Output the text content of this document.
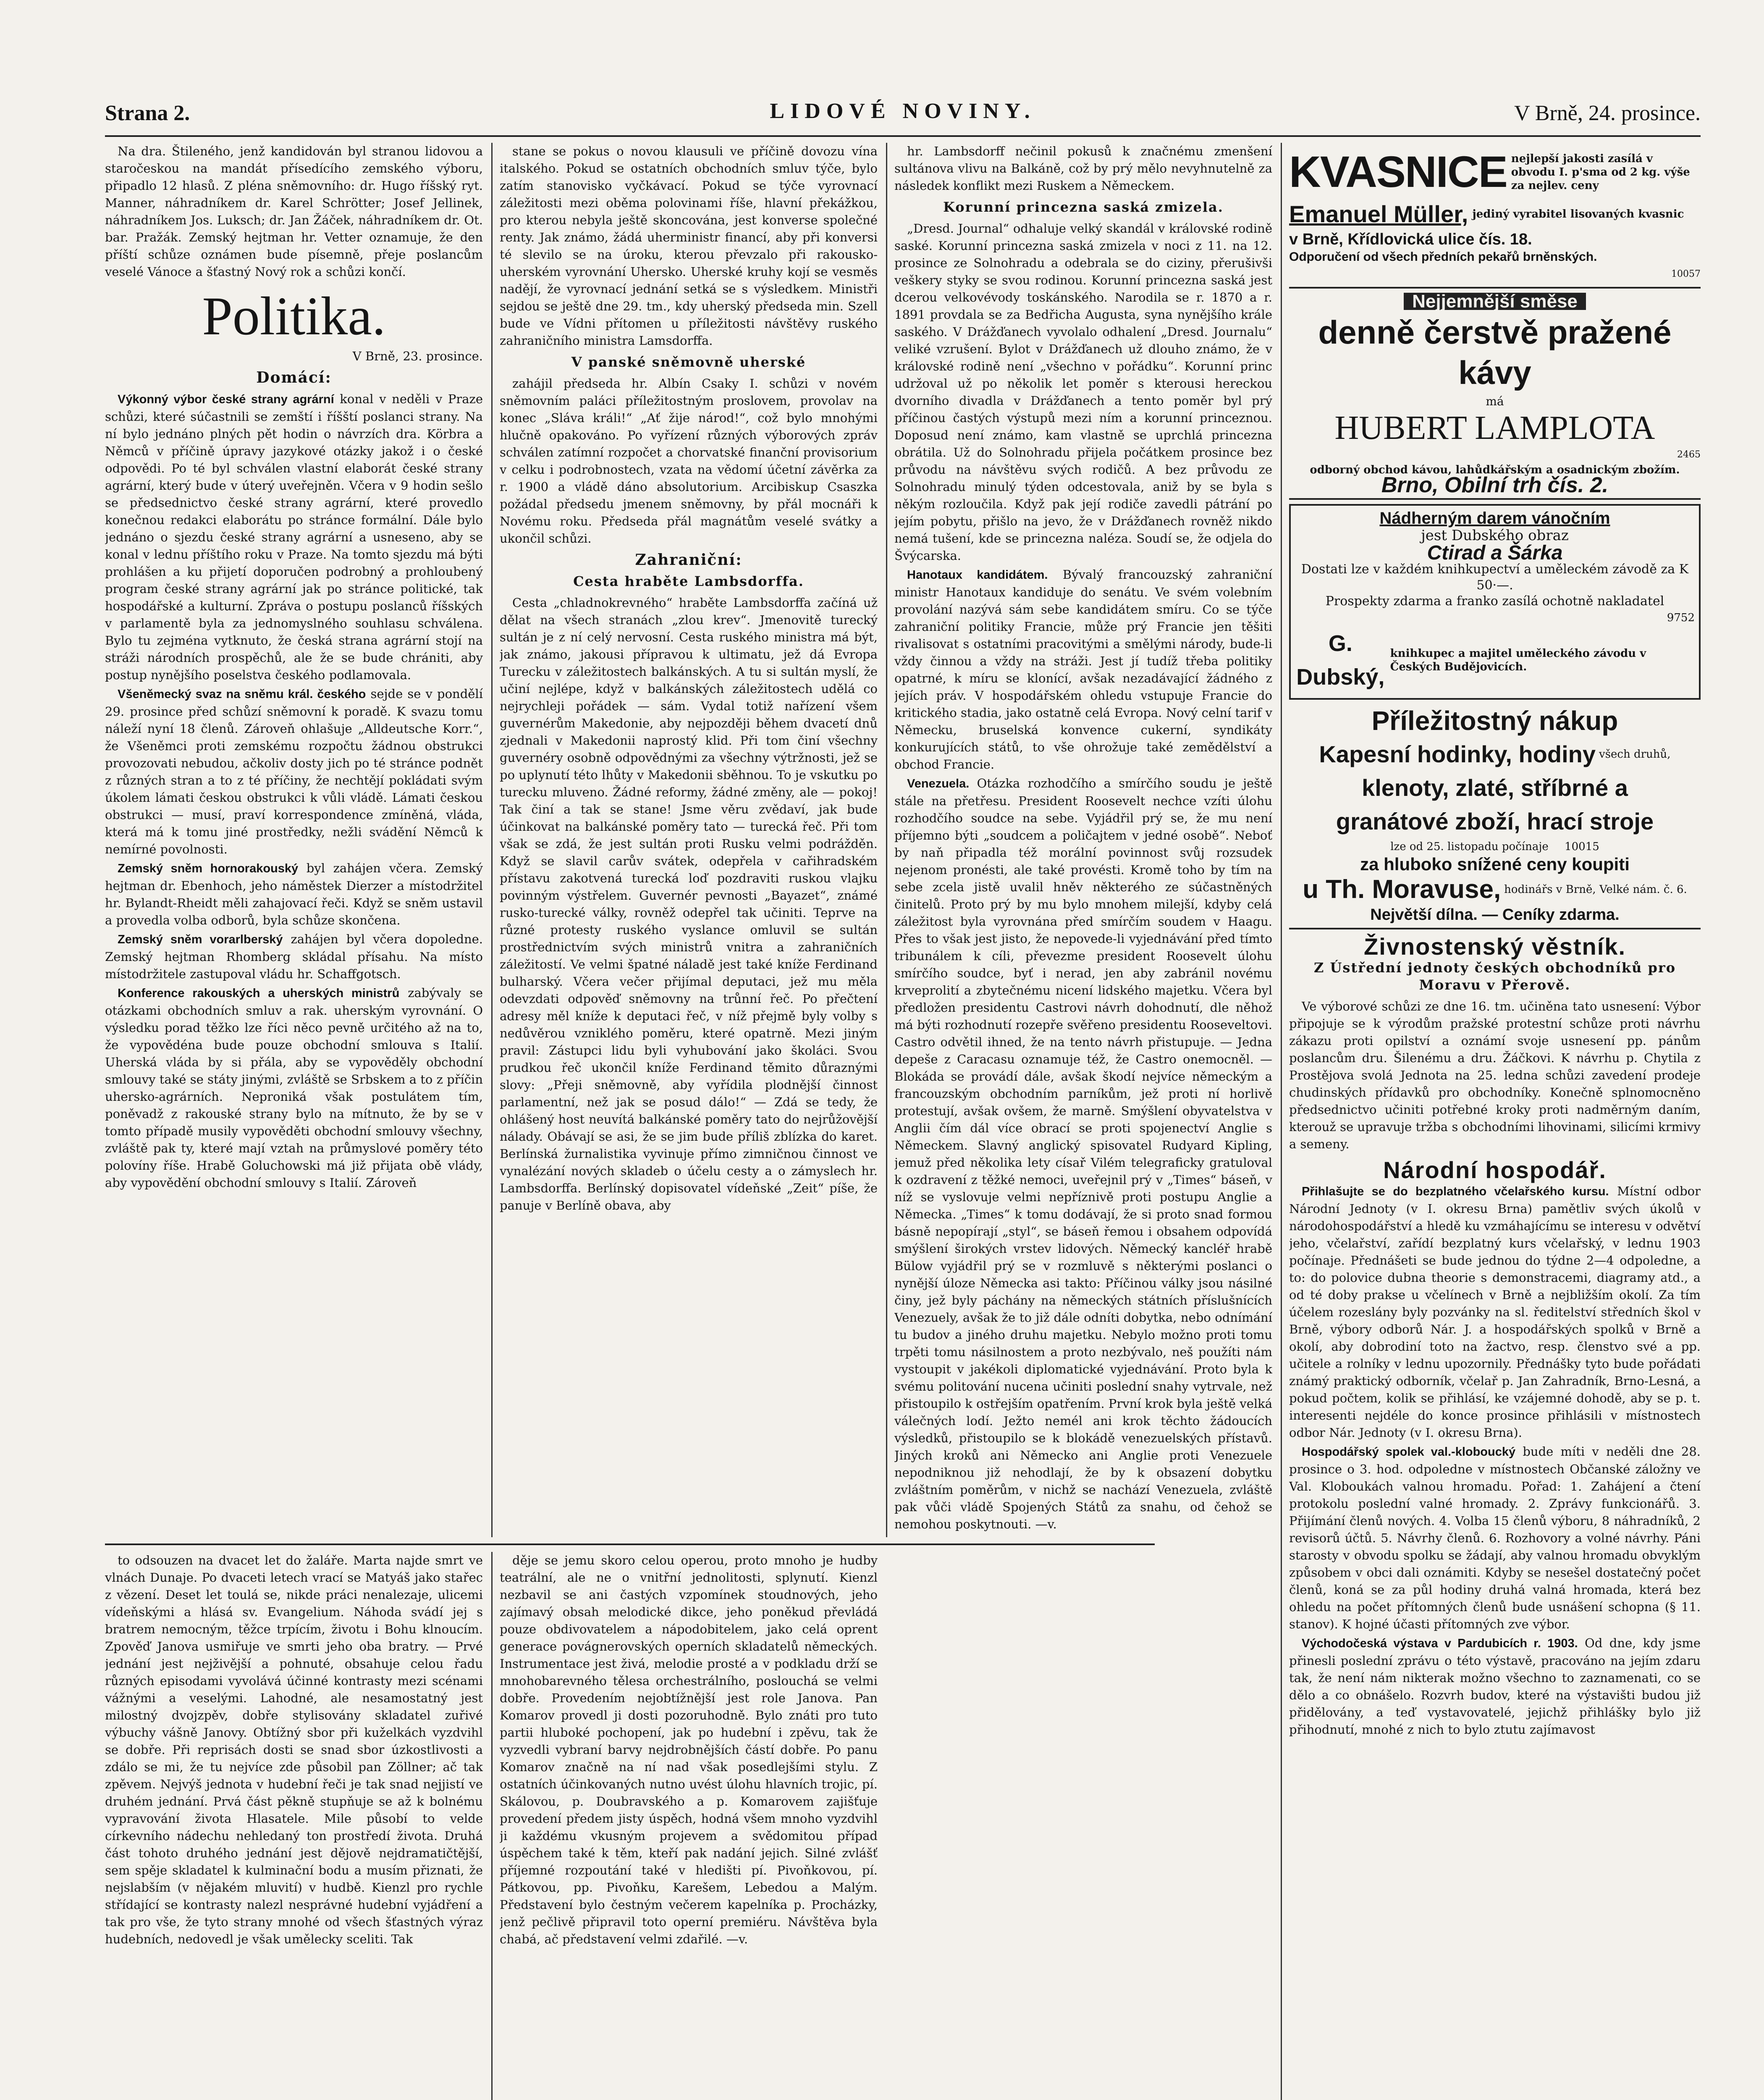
Strana 2.	LIDOVÉ NOVINY.	V Brně, 24. prosince.

Na dra. Štileného, jenž kandidován byl stranou lidovou a staročeskou na mandát přísedícího zemského výboru, připadlo 12 hlasů. Z pléna sněmovního: dr. Hugo říšský ryt. Manner, náhradníkem dr. Karel Schrötter; Josef Jellinek, náhradníkem Jos. Luksch; dr. Jan Žáček, náhradníkem dr. Ot. bar. Pražák. Zemský hejtman hr. Vetter oznamuje, že den příští schůze oznámen bude písemně, přeje poslancům veselé Vánoce a šťastný Nový rok a schůzi končí.

Politika.
V Brně, 23. prosince.
Domácí:

Výkonný výbor české strany agrární konal v neděli v Praze schůzi, které súčastnili se zemští i říšští poslanci strany. Na ní bylo jednáno plných pět hodin o návrzích dra. Körbra a Němců v příčině úpravy jazykové otázky jakož i o české odpovědi. Po té byl schválen vlastní elaborát české strany agrární, který bude v úterý uveřejněn. Včera v 9 hodin sešlo se předsednictvo české strany agrární, které provedlo konečnou redakci elaborátu po stránce formální. Dále bylo jednáno o sjezdu české strany agrární a usneseno, aby se konal v lednu příštího roku v Praze. Na tomto sjezdu má býti prohlášen a ku přijetí doporučen podrobný a prohloubený program české strany agrární jak po stránce politické, tak hospodářské a kulturní. Zpráva o postupu poslanců říšských v parlamentě byla za jednomyslného souhlasu schválena. Bylo tu zejména vytknuto, že česká strana agrární stojí na stráži národních prospěchů, ale že se bude chrániti, aby postup nynějšího poselstva českého podlamovala.

Všeněmecký svaz na sněmu král. českého sejde se v pondělí 29. prosince před schůzí sněmovní k poradě. K svazu tomu náleží nyní 18 členů. Zároveň ohlašuje „Alldeutsche Korr.“, že Všeněmci proti zemskému rozpočtu žádnou obstrukci provozovati nebudou, ačkoliv dosty jich po té stránce podnět z různých stran a to z té příčiny, že nechtějí pokládati svým úkolem lámati českou obstrukci k vůli vládě. Lámati českou obstrukci — musí, praví korrespondence zmíněná, vláda, která má k tomu jiné prostředky, nežli svádění Němců k nemírné povolnosti.

Zemský sněm hornorakouský byl zahájen včera. Zemský hejtman dr. Ebenhoch, jeho náměstek Dierzer a místodržitel hr. Bylandt-Rheidt měli zahajovací řeči. Když se sněm ustavil a provedla volba odborů, byla schůze skončena.

Zemský sněm vorarlberský zahájen byl včera dopoledne. Zemský hejtman Rhomberg skládal přísahu. Na místo místodržitele zastupoval vládu hr. Schaffgotsch.

Konference rakouských a uherských ministrů zabývaly se otázkami obchodních smluv a rak. uherským vyrovnání. O výsledku porad těžko lze říci něco pevně určitého až na to, že vypovědéna bude pouze obchodní smlouva s Italií. Uherská vláda by si přála, aby se vypověděly obchodní smlouvy také se státy jinými, zvláště se Srbskem a to z příčin uhersko-agrárních. Neproniká však postulátem tím, poněvadž z rakouské strany bylo na mítnuto, že by se v tomto případě musily vypověděti obchodní smlouvy všechny, zvláště pak ty, které mají vztah na průmyslové poměry této polovíny říše. Hrabě Goluchowski má již přijata obě vlády, aby vypovědění obchodní smlouvy s Italií. Zároveň

stane se pokus o novou klausuli ve příčině dovozu vína italského. Pokud se ostatních obchodních smluv týče, bylo zatím stanovisko vyčkávací. Pokud se týče vyrovnací záležitosti mezi oběma polovinami říše, hlavní překážkou, pro kterou nebyla ještě skoncována, jest konverse společné renty. Jak známo, žádá uherministr financí, aby při konversi té slevilo se na úroku, kterou převzalo při rakousko-uherském vyrovnání Uhersko. Uherské kruhy kojí se vesměs nadějí, že vyrovnací jednání setká se s výsledkem. Ministři sejdou se ještě dne 29. tm., kdy uherský předseda min. Szell bude ve Vídni přítomen u příležitosti návštěvy ruského zahraničního ministra Lamsdorffa.

V panské sněmovně uherské

zahájil předseda hr. Albín Csaky I. schůzi v novém sněmovním paláci příležitostným proslovem, provolav na konec „Sláva králi!“ „Ať žije národ!“, což bylo mnohými hlučně opakováno. Po vyřízení různých výborových zpráv schválen zatímní rozpočet a chorvatské finanční provisorium v celku i podrobnostech, vzata na vědomí účetní závěrka za r. 1900 a vládě dáno absolutorium. Arcibiskup Csaszka požádal předsedu jmenem sněmovny, by přál mocnáři k Novému roku. Předseda přál magnátům veselé svátky a ukončil schůzi.

Zahraniční:
Cesta hraběte Lambsdorffa.

Cesta „chladnokrevného“ hraběte Lambsdorffa začíná už dělat na všech stranách „zlou krev“. Jmenovitě turecký sultán je z ní celý nervosní. Cesta ruského ministra má být, jak známo, jakousi přípravou k ultimatu, jež dá Evropa Turecku v záležitostech balkánských. A tu si sultán myslí, že učiní nejlépe, když v balkánských záležitostech udělá co nejrychleji pořádek — sám. Vydal totiž nařízení všem guvernérům Makedonie, aby nejpozději během dvacetí dnů zjednali v Makedonii naprostý klid. Při tom činí všechny guvernéry osobně odpovědnými za všechny výtržnosti, jež se po uplynutí této lhůty v Makedonii sběhnou. To je vskutku po turecku mluveno. Žádné reformy, žádné změny, ale — pokoj! Tak činí a tak se stane! Jsme věru zvědaví, jak bude účinkovat na balkánské poměry tato — turecká řeč. Při tom však se zdá, že jest sultán proti Rusku velmi podrážděn. Když se slavil carův svátek, odepřela v cařihradském přístavu zakotvená turecká loď pozdraviti ruskou vlajku povinným výstřelem. Guvernér pevnosti „Bayazet“, známé rusko-turecké války, rovněž odepřel tak učiniti. Teprve na různé protesty ruského vyslance omluvil se sultán prostřednictvím svých ministrů vnitra a zahraničních záležitostí. Ve velmi špatné náladě jest také kníže Ferdinand bulharský. Včera večer přijímal deputaci, jež mu měla odevzdati odpověď sněmovny na trůnní řeč. Po přečtení adresy měl kníže k deputaci řeč, v níž přejmě byly volby s nedůvěrou vzniklého poměru, které opatrně. Mezi jiným pravil: Zástupci lidu byli vyhubování jako školáci. Svou prudkou řeč ukončil kníže Ferdinand těmito důraznými slovy: „Přeji sněmovně, aby vyřídila plodnější činnost parlamentní, než jak se posud dálo!“ — Zdá se tedy, že ohlášený host neuvítá balkánské poměry tato do nejrůžovější nálady. Obávají se asi, že se jim bude příliš zblízka do karet. Berlínská žurnalistika vyvinuje přímo zimničnou činnost ve vynalézání nových skladeb o účelu cesty a o zámyslech hr. Lambsdorffa. Berlínský dopisovatel vídeňské „Zeit“ píše, že panuje v Berlíně obava, aby

hr. Lambsdorff nečinil pokusů k značnému zmenšení sultánova vlivu na Balkáně, což by prý mělo nevyhnutelně za následek konflikt mezi Ruskem a Německem.

Korunní princezna saská zmizela.

„Dresd. Journal“ odhaluje velký skandál v královské rodině saské. Korunní princezna saská zmizela v noci z 11. na 12. prosince ze Solnohradu a odebrala se do ciziny, přerušivši veškery styky se svou rodinou. Korunní princezna saská jest dcerou velkovévody toskánského. Narodila se r. 1870 a r. 1891 provdala se za Bedřicha Augusta, syna nynějšího krále saského. V Drážďanech vyvolalo odhalení „Dresd. Journalu“ veliké vzrušení. Bylot v Drážďanech už dlouho známo, že v královské rodině není „všechno v pořádku“. Korunní princ udržoval už po několik let poměr s kterousi hereckou dvorního divadla v Drážďanech a tento poměr byl prý příčinou častých výstupů mezi ním a korunní princeznou. Doposud není známo, kam vlastně se uprchlá princezna obrátila. Už do Solnohradu přijela počátkem prosince bez průvodu na návštěvu svých rodičů. A bez průvodu ze Solnohradu minulý týden odcestovala, aniž by se byla s někým rozloučila. Když pak její rodiče zavedli pátrání po jejím pobytu, přišlo na jevo, že v Drážďanech rovněž nikdo nemá tušení, kde se princezna naléza. Soudí se, že odjela do Švýcarska.

Hanotaux kandidátem. Bývalý francouzský zahraniční ministr Hanotaux kandiduje do senátu. Ve svém volebním provolání nazývá sám sebe kandidátem smíru. Co se týče zahraniční politiky Francie, může prý Francie jen těšiti rivalisovat s ostatními pracovitými a smělými národy, bude-li vždy činnou a vždy na stráži. Jest jí tudíž třeba politiky opatrné, k míru se klonící, avšak nezadávající žádného z jejích práv. V hospodářském ohledu vstupuje Francie do kritického stadia, jako ostatně celá Evropa. Nový celní tarif v Německu, bruselská konvence cukerní, syndikáty konkurujících států, to vše ohrožuje také zemědělství a obchod Francie.

Venezuela. Otázka rozhodčího a smírčího soudu je ještě stále na přetřesu. President Roosevelt nechce vzíti úlohu rozhodčího soudce na sebe. Vyjádřil prý se, že mu není příjemno býti „soudcem a poličajtem v jedné osobě“. Neboť by naň připadla též morální povinnost svůj rozsudek nejenom pronésti, ale také provésti. Kromě toho by tím na sebe zcela jistě uvalil hněv některého ze súčastněných činitelů. Proto prý by mu bylo mnohem milejší, kdyby celá záležitost byla vyrovnána před smírčím soudem v Haagu. Přes to však jest jisto, že nepovede-li vyjednávání před tímto tribunálem k cíli, převezme president Roosevelt úlohu smírčího soudce, byť i nerad, jen aby zabránil novému krveprolití a zbytečnému nicení lidského majetku. Včera byl předložen presidentu Castrovi návrh dohodnutí, dle něhož má býti rozhodnutí rozepře svěřeno presidentu Rooseveltovi. Castro odvětil ihned, že na tento návrh přistupuje. — Jedna depeše z Caracasu oznamuje též, že Castro onemocněl. — Blokáda se provádí dále, avšak škodí nejvíce německým a francouzským obchodním parníkům, jež proti ní horlivě protestují, avšak ovšem, že marně. Smýšlení obyvatelstva v Anglii čím dál více obrací se proti spojenectví Anglie s Německem. Slavný anglický spisovatel Rudyard Kipling, jemuž před několika lety císař Vilém telegraficky gratuloval k ozdravení z těžké nemoci, uveřejnil prý v „Times“ báseň, v níž se vyslovuje velmi nepříznivě proti postupu Anglie a Německa. „Times“ k tomu dodávají, že si proto snad formou básně nepopírají „styl“, se báseň řemou i obsahem odpovídá smýšlení širokých vrstev lidových. Německý kancléř hrabě Bülow vyjádřil prý se v rozmluvě s některými poslanci o nynější úloze Německa asi takto: Příčinou války jsou násilné činy, jež byly páchány na německých státních příslušnících Venezuely, avšak že to již dále odníti dobytka, nebo odnímání tu budov a jiného druhu majetku. Nebylo možno proti tomu trpěti tomu násilnostem a proto nezbývalo, neš použíti nám vystoupit v jakékoli diplomatické vyjednávání. Proto byla k svému politování nucena učiniti poslední snahy vytrvale, než přistoupilo k ostřejším opatřením. První krok byla ještě velká válečných lodí. Ježto nemél ani krok těchto žádoucích výsledků, přistoupilo se k blokádě venezuelských přístavů. Jiných kroků ani Německo ani Anglie proti Venezuele nepodniknou již nehodlají, že by k obsazení dobytku zvláštním poměrům, v nichž se nachází Venezuela, zvláště pak vůči vládě Spojených Států za snahu, od čehož se nemohou poskytnouti. —v.

KVASNICE nejlepší jakosti zasílá v obvodu I. p'sma od 2 kg. výše za nejlev. ceny
Emanuel Müller, jediný vyrabitel lisovaných kvasnic
v Brně, Křídlovická ulice čís. 18.
Odporučení od všech předních pekařů brněnských.
10057
Nejjemnější směse
denně čerstvě pražené kávy
má
HUBERT LAMPLOTA
2465
odborný obchod kávou, lahůdkářským a osadnickým zbožím.
Brno, Obilní trh čís. 2.
Nádherným darem vánočním
jest Dubského obraz
Ctirad a Šárka
Dostati lze v každém knihkupectví a uměleckém závodě za K 50·—.
Prospekty zdarma a franko zasílá ochotně nakladatel
9752
G. Dubský,
knihkupec a majitel uměleckého závodu v Českých Budějovicích.
Příležitostný nákup
Kapesní hodinky, hodiny všech druhů,
klenoty, zlaté, stříbrné a
granátové zboží, hrací stroje
lze od 25. listopadu počínaje 10015
za hluboko snížené ceny koupiti
u Th. Moravuse, hodinářs v Brně, Velké nám. č. 6.
Největší dílna. — Ceníky zdarma.
Živnostenský věstník.
Z Ústřední jednoty českých obchodníků pro Moravu v Přerově.

Ve výborové schůzi ze dne 16. tm. učiněna tato usnesení: Výbor připojuje se k výrodům pražské protestní schůze proti návrhu zákazu proti opilství a oznámí svoje usnesení pp. pánům poslancům dru. Šilenému a dru. Žáčkovi. K návrhu p. Chytila z Prostějova svolá Jednota na 25. ledna schůzi zavedení prodeje chudinských přídavků pro obchodníky. Konečně splnomocněno předsednictvo učiniti potřebné kroky proti nadměrným daním, kterouž se upravuje tržba s obchodními lihovinami, silicími krmivy a semeny.

Národní hospodář.

Přihlašujte se do bezplatného včelařského kursu. Místní odbor Národní Jednoty (v I. okresu Brna) pamětliv svých úkolů v národohospodářství a hledě ku vzmáhajícímu se interesu v odvětví jeho, včelařství, zařídí bezplatný kurs včelařský, v lednu 1903 počínaje. Přednášeti se bude jednou do týdne 2—4 odpoledne, a to: do polovice dubna theorie s demonstracemi, diagramy atd., a od té doby prakse u včelínech v Brně a nejbližším okolí. Za tím účelem rozeslány byly pozvánky na sl. ředitelství středních škol v Brně, výbory odborů Nár. J. a hospodářských spolků v Brně a okolí, aby dobrodiní toto na žactvo, resp. členstvo své a pp. učitele a rolníky v lednu upozornily. Přednášky tyto bude pořádati známý praktický odborník, včelař p. Jan Zahradník, Brno-Lesná, a pokud počtem, kolik se přihlásí, ke vzájemné dohodě, aby se p. t. interesenti nejdéle do konce prosince přihlásili v místnostech odbor Nár. Jednoty (v I. okresu Brna).

Hospodářský spolek val.-kloboucký bude míti v neděli dne 28. prosince o 3. hod. odpoledne v místnostech Občanské záložny ve Val. Kloboukách valnou hromadu. Pořad: 1. Zahájení a čtení protokolu poslední valné hromady. 2. Zprávy funkcionářů. 3. Přijímání členů nových. 4. Volba 15 členů výboru, 8 náhradníků, 2 revisorů účtů. 5. Návrhy členů. 6. Rozhovory a volné návrhy. Páni starosty v obvodu spolku se žádají, aby valnou hromadu obvyklým způsobem v obci dali oznámiti. Kdyby se nesešel dostatečný počet členů, koná se za půl hodiny druhá valná hromada, která bez ohledu na počet přítomných členů bude usnášení schopna (§ 11. stanov). K hojné účasti přítomných zve výbor.

Východočeská výstava v Pardubicích r. 1903. Od dne, kdy jsme přinesli poslední zprávu o této výstavě, pracováno na jejím zdaru tak, že není nám nikterak možno všechno to zaznamenati, co se dělo a co obnášelo. Rozvrh budov, které na výstavišti budou již přidělovány, a teď vystavovatelé, jejichž přihlášky bylo již přihodnutí, mnohé z nich to bylo ztutu zajímavost

to odsouzen na dvacet let do žaláře. Marta najde smrt ve vlnách Dunaje. Po dvaceti letech vrací se Matyáš jako stařec z vězení. Deset let toulá se, nikde práci nenalezaje, ulicemi vídeňskými a hlásá sv. Evangelium. Náhoda svádí jej s bratrem nemocným, těžce trpícím, životu i Bohu klnoucím. Zpověď Janova usmiřuje ve smrti jeho oba bratry. — Prvé jednání jest nejživější a pohnuté, obsahuje celou řadu různých episodami vyvolává účinné kontrasty mezi scénami vážnými a veselými. Lahodné, ale nesamostatný jest milostný dvojzpěv, dobře stylisovány skladatel zuřivé výbuchy vášně Janovy. Obtížný sbor při kuželkách vyzdvihl se dobře. Při reprisách dosti se snad sbor úzkostlivosti a zdálo se mi, že tu nejvíce zde působil pan Zöllner; ač tak zpěvem. Nejvýš jednota v hudební řeči je tak snad nejjistí ve druhém jednání. Prvá část pěkně stupňuje se až k bolnému vypravování života Hlasatele. Mile působí to velde církevního nádechu nehledaný ton prostředí života. Druhá část tohoto druhého jednání jest dějově nejdramatičtější, sem spěje skladatel k kulminační bodu a musím přiznati, že nejslabším (v nějakém mluvití) v hudbě. Kienzl pro rychle střídající se kontrasty nalezl nesprávné hudební vyjádření a tak pro vše, že tyto strany mnohé od všech šťastných výraz hudebních, nedovedl je však umělecky sceliti. Tak

děje se jemu skoro celou operou, proto mnoho je hudby teatrální, ale ne o vnitřní jednolitosti, splynutí. Kienzl nezbavil se ani častých vzpomínek stoudnových, jeho zajímavý obsah melodické dikce, jeho poněkud převládá pouze obdivovatelem a nápodobitelem, jako celá oprent generace povágnerovských operních skladatelů německých. Instrumentace jest živá, melodie prosté a v podkladu drží se mnohobarevného tělesa orchestrálního, poslouchá se velmi dobře. Provedením nejobtížnější jest role Janova. Pan Komarov provedl ji dosti pozoruhodně. Bylo znáti pro tuto partii hluboké pochopení, jak po hudební i zpěvu, tak že vyzvedli vybraní barvy nejdrobnějších částí dobře. Po panu Komarov značně na ní nad však posedlejšími stylu. Z ostatních účinkovaných nutno uvést úlohu hlavních trojic, pí. Skálovou, p. Doubravského a p. Komarovem zajišťuje provedení předem jisty úspěch, hodná všem mnoho vyzdvihl ji každému vkusným projevem a svědomitou případ úspěchem také k těm, kteří pak nadání jejich. Silné zvlášť příjemné rozpoutání také v hledišti pí. Pivoňkovou, pí. Pátkovou, pp. Pivoňku, Karešem, Lebedou a Malým. Představení bylo čestným večerem kapelníka p. Procházky, jenž pečlivě připravil toto operní premiéru. Návštěva byla chabá, ač představení velmi zdařilé. —v.
